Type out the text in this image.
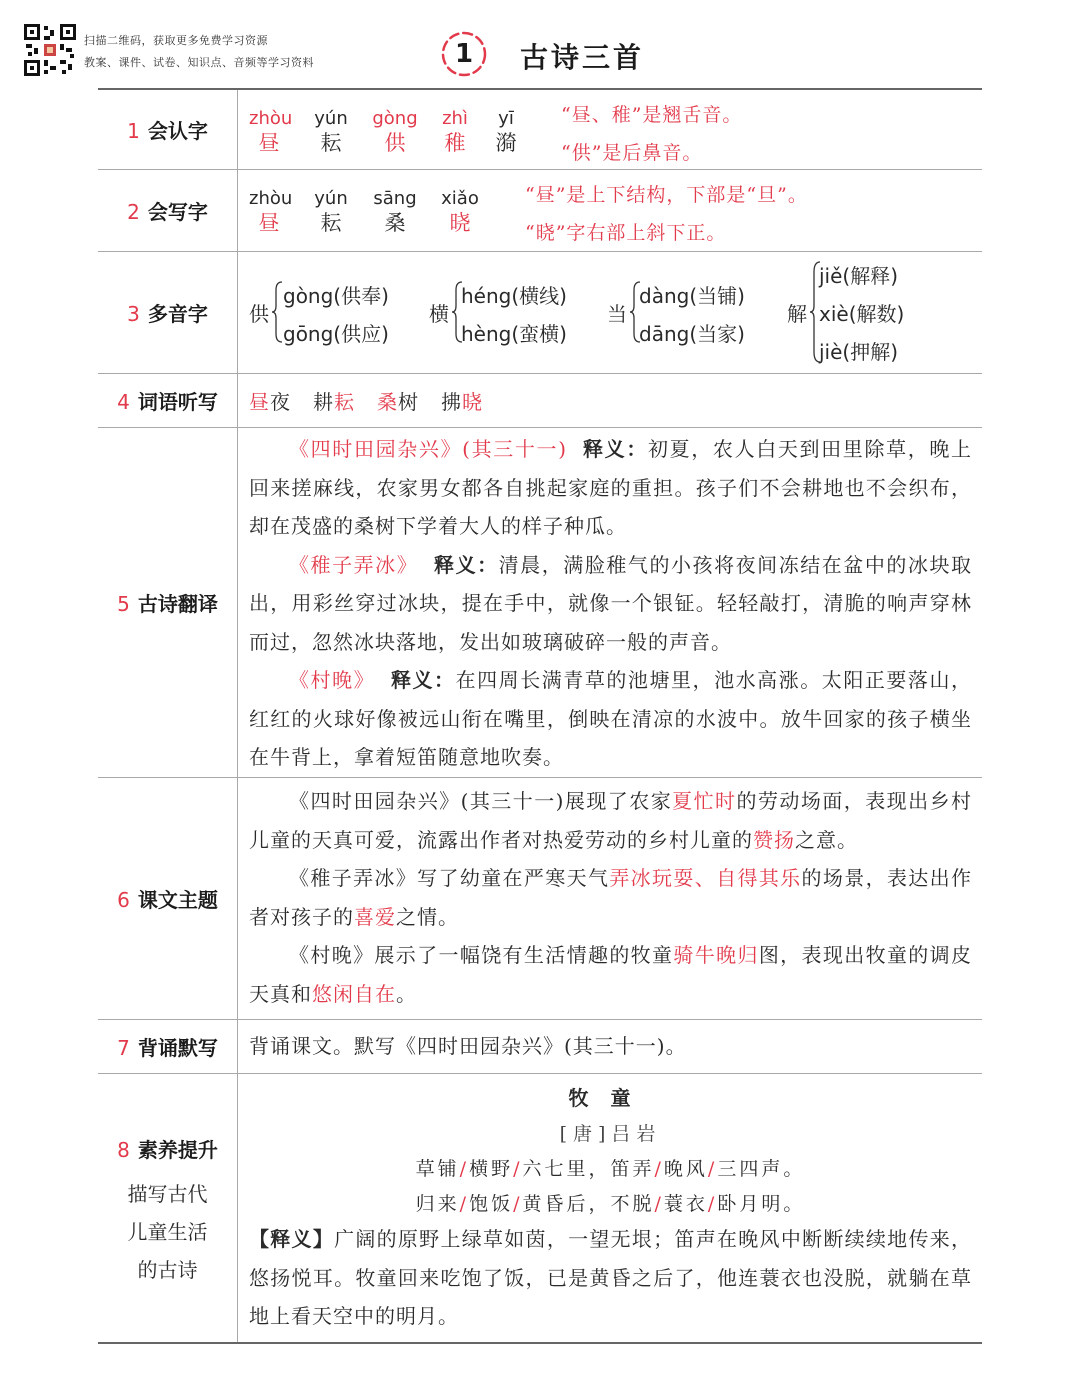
扫描二维码，获取更多免费学习资源
教案、课件、试卷、知识点、音频等学习资料	1	古诗三首
1 会认字
zhòu
昼
yún
耘
gòng
供
zhì
稚
yī
漪
“昼、稚”是翘舌音。
“供”是后鼻音。
2 会写字
zhòu
昼
yún
耘
sāng
桑
xiǎo
晓
“昼”是上下结构，下部是“旦”。
“晓”字右部上斜下正。
3 多音字 供
gòng(供奉)
gōng(供应)
横
héng(横线)
hèng(蛮横)
当
dàng(当铺)
dāng(当家)
解
jiě(解释)
xiè(解数)
jiè(押解)
4 词语听写 昼夜 耕耘 桑树 拂晓
5 古诗翻译

《四时田园杂兴》(其三十一) 释义：初夏，农人白天到田里除草，晚上回来搓麻线，农家男女都各自挑起家庭的重担。孩子们不会耕地也不会织布，却在茂盛的桑树下学着大人的样子种瓜。

《稚子弄冰》 释义：清晨，满脸稚气的小孩将夜间冻结在盆中的冰块取出，用彩丝穿过冰块，提在手中，就像一个银钲。轻轻敲打，清脆的响声穿林而过，忽然冰块落地，发出如玻璃破碎一般的声音。

《村晚》 释义：在四周长满青草的池塘里，池水高涨。太阳正要落山，红红的火球好像被远山衔在嘴里，倒映在清凉的水波中。放牛回家的孩子横坐在牛背上，拿着短笛随意地吹奏。

6 课文主题

《四时田园杂兴》(其三十一)展现了农家夏忙时的劳动场面，表现出乡村儿童的天真可爱，流露出作者对热爱劳动的乡村儿童的赞扬之意。

《稚子弄冰》写了幼童在严寒天气弄冰玩耍、自得其乐的场景，表达出作者对孩子的喜爱之情。

《村晚》展示了一幅饶有生活情趣的牧童骑牛晚归图，表现出牧童的调皮天真和悠闲自在。

7 背诵默写 背诵课文。默写《四时田园杂兴》(其三十一)。
8 素养提升
描写古代
儿童生活
的古诗
牧童
[唐]吕岩
草铺/横野/六七里，笛弄/晚风/三四声。
归来/饱饭/黄昏后，不脱/蓑衣/卧月明。

【释义】广阔的原野上绿草如茵，一望无垠；笛声在晚风中断断续续地传来，悠扬悦耳。牧童回来吃饱了饭，已是黄昏之后了，他连蓑衣也没脱，就躺在草地上看天空中的明月。
